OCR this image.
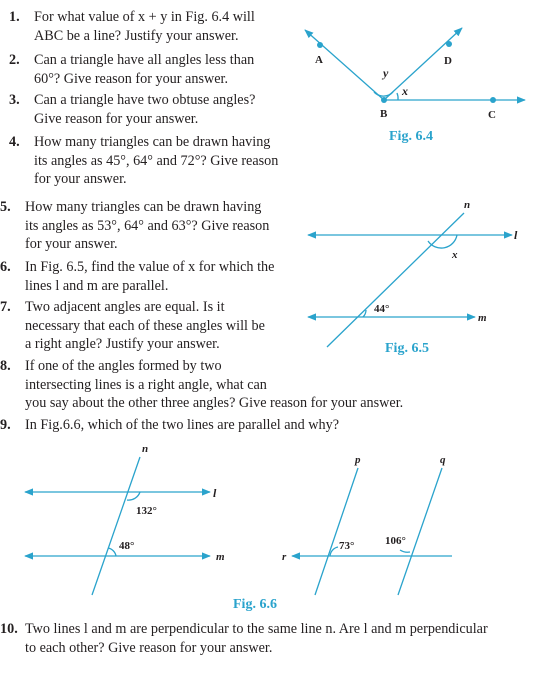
1. For what value of x + y in Fig. 6.4 will
ABC be a line? Justify your answer.
2. Can a triangle have all angles less than
60°? Give reason for your answer.
3. Can a triangle have two obtuse angles?
Give reason for your answer.
4. How many triangles can be drawn having
its angles as 45°, 64° and 72°? Give reason
for your answer.
5. How many triangles can be drawn having
its angles as 53°, 64° and 63°? Give reason
for your answer.
6. In Fig. 6.5, find the value of x for which the
lines l and m are parallel.
7. Two adjacent angles are equal. Is it
necessary that each of these angles will be
a right angle? Justify your answer.
8. If one of the angles formed by two
intersecting lines is a right angle, what can
you say about the other three angles? Give reason for your answer.
9. In Fig.6.6, which of the two lines are parallel and why?
10. Two lines l and m are perpendicular to the same line n. Are l and m perpendicular
to each other? Give reason for your answer.
A	D
B	C
y
x
n
l
m
x
44°
n
l
m
132°
48°
p	q
r
73°	106°
Fig. 6.4
Fig. 6.5
Fig. 6.6
